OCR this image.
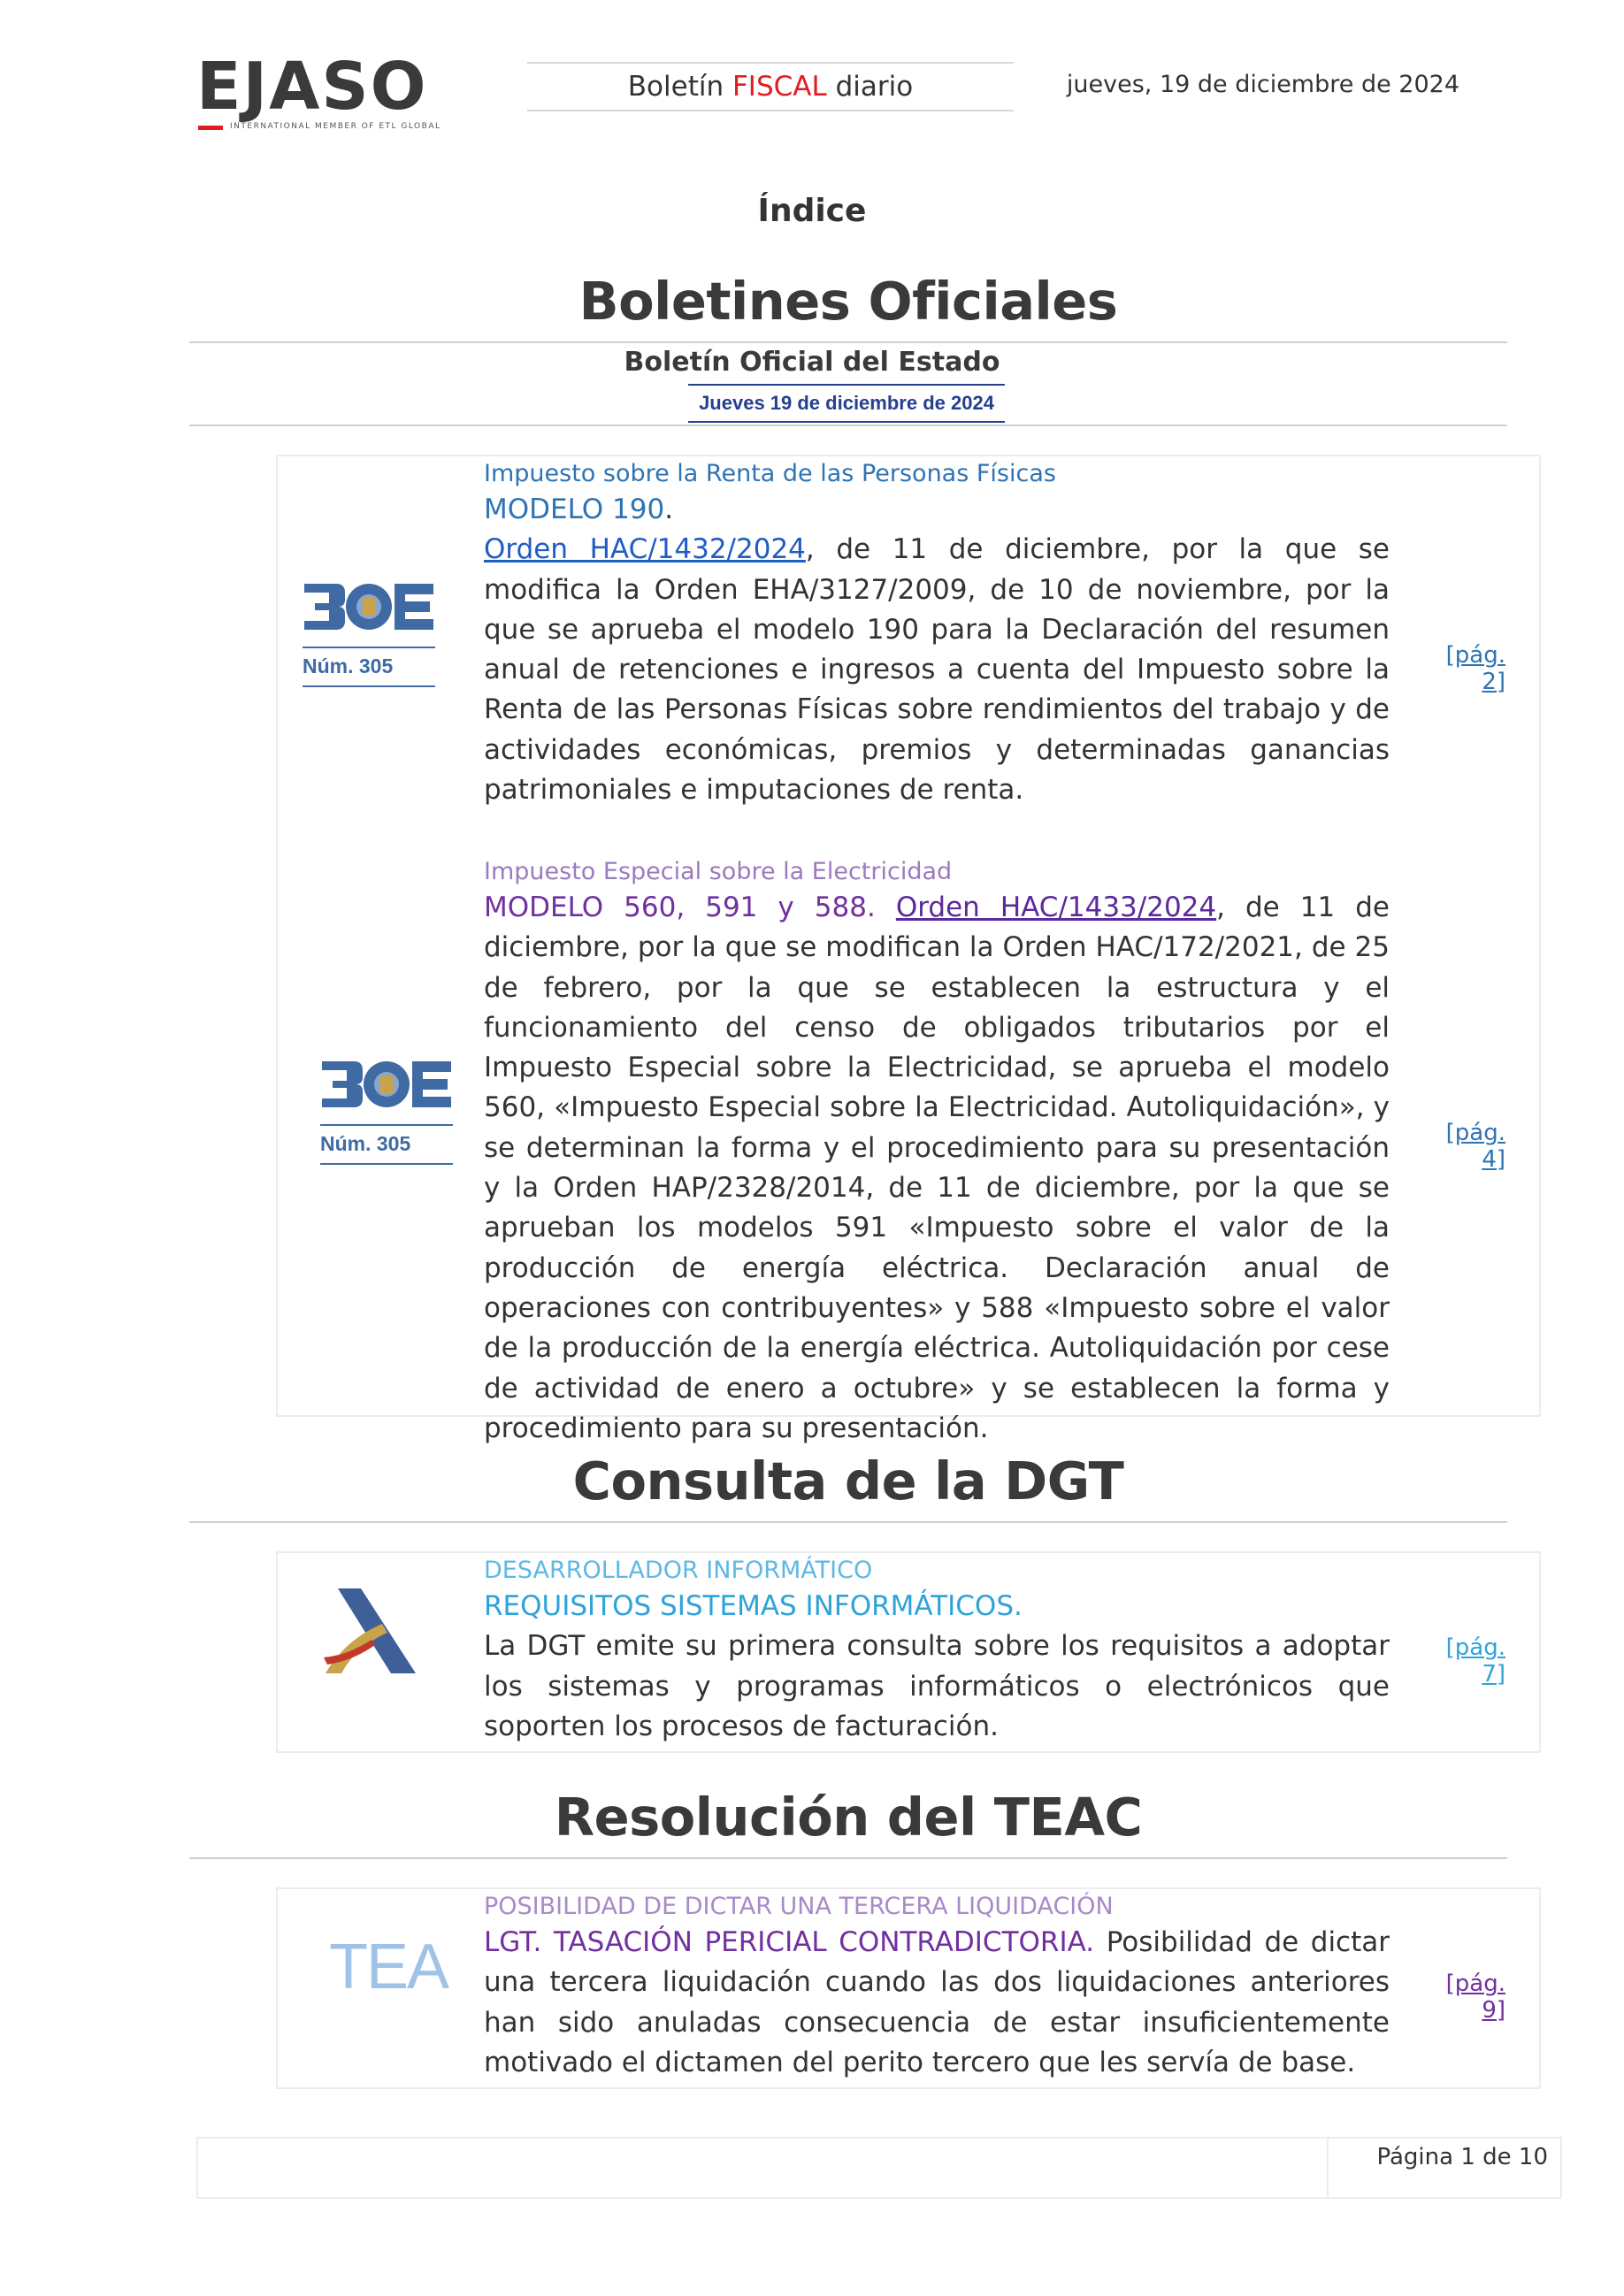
EJASO
INTERNATIONAL MEMBER OF ETL GLOBAL
Boletín FISCAL diario	jueves, 19 de diciembre de 2024
Índice
Boletines Oficiales
Boletín Oficial del Estado
Jueves 19 de diciembre de 2024
Núm. 305
Impuesto sobre la Renta de las Personas Físicas
MODELO 190.
Orden HAC/1432/2024, de 11 de diciembre, por la que se modifica la Orden EHA/3127/2009, de 10 de noviembre, por la que se aprueba el modelo 190 para la Declaración del resumen anual de retenciones e ingresos a cuenta del Impuesto sobre la Renta de las Personas Físicas sobre rendimientos del trabajo y de actividades económicas, premios y determinadas ganancias patrimoniales e imputaciones de renta.
[pág. 2]
Núm. 305
Impuesto Especial sobre la Electricidad
MODELO 560, 591 y 588. Orden HAC/1433/2024, de 11 de diciembre, por la que se modifican la Orden HAC/172/2021, de 25 de febrero, por la que se establecen la estructura y el funcionamiento del censo de obligados tributarios por el Impuesto Especial sobre la Electricidad, se aprueba el modelo 560, «Impuesto Especial sobre la Electricidad. Autoliquidación», y se determinan la forma y el procedimiento para su presentación y la Orden HAP/2328/2014, de 11 de diciembre, por la que se aprueban los modelos 591 «Impuesto sobre el valor de la producción de energía eléctrica. Declaración anual de operaciones con contribuyentes» y 588 «Impuesto sobre el valor de la producción de la energía eléctrica. Autoliquidación por cese de actividad de enero a octubre» y se establecen la forma y procedimiento para su presentación.
[pág. 4]
Consulta de la DGT
DESARROLLADOR INFORMÁTICO
REQUISITOS SISTEMAS INFORMÁTICOS.
La DGT emite su primera consulta sobre los requisitos a adoptar los sistemas y programas informáticos o electrónicos que soporten los procesos de facturación.
[pág. 7]
Resolución del TEAC
TEA
POSIBILIDAD DE DICTAR UNA TERCERA LIQUIDACIÓN
LGT. TASACIÓN PERICIAL CONTRADICTORIA. Posibilidad de dictar una tercera liquidación cuando las dos liquidaciones anteriores han sido anuladas consecuencia de estar insuficientemente motivado el dictamen del perito tercero que les servía de base.
[pág. 9]
Página 1 de 10
